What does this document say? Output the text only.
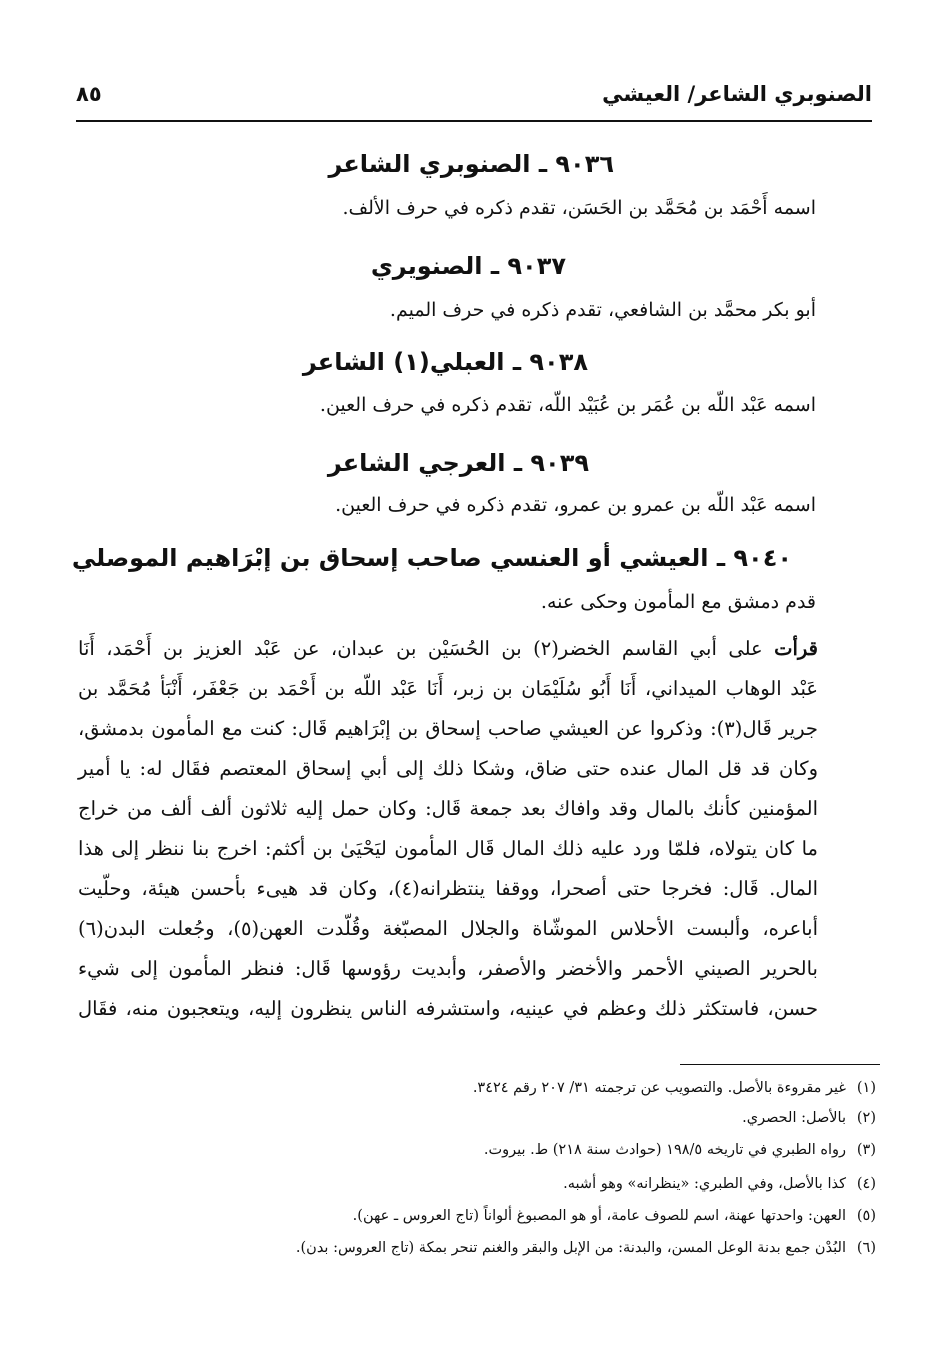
الصنوبري الشاعر/ العيشي
٨٥
٩٠٣٦ ـ الصنوبري الشاعر
اسمه أَحْمَد بن مُحَمَّد بن الحَسَن، تقدم ذكره في حرف الألف.
٩٠٣٧ ـ الصنويري
أبو بكر محمَّد بن الشافعي، تقدم ذكره في حرف الميم.
٩٠٣٨ ـ العبلي(١) الشاعر
اسمه عَبْد اللّه بن عُمَر بن عُبَيْد اللّه، تقدم ذكره في حرف العين.
٩٠٣٩ ـ العرجي الشاعر
اسمه عَبْد اللّه بن عمرو بن عمرو، تقدم ذكره في حرف العين.
٩٠٤٠ ـ العيشي أو العنسي صاحب إسحاق بن إبْرَاهيم الموصلي
قدم دمشق مع المأمون وحكى عنه.
قرأت على أبي القاسم الخضر(٢) بن الحُسَيْن بن عبدان، عن عَبْد العزيز بن أَحْمَد، أَنَا
عَبْد الوهاب الميداني، أَنَا أَبُو سُلَيْمَان بن زبر، أَنَا عَبْد اللّه بن أَحْمَد بن جَعْفَر، أَنْبَأ مُحَمَّد بن
جرير قَال(٣): وذكروا عن العيشي صاحب إسحاق بن إبْرَاهيم قَال: كنت مع المأمون بدمشق،
وكان قد قل المال عنده حتى ضاق، وشكا ذلك إلى أبي إسحاق المعتصم فقَال له: يا أمير
المؤمنين كأنك بالمال وقد وافاك بعد جمعة قَال: وكان حمل إليه ثلاثون ألف ألف من خراج
ما كان يتولاه، فلمّا ورد عليه ذلك المال قَال المأمون ليَحْيَىٰ بن أكثم: اخرج بنا ننظر إلى هذا
المال. قَال: فخرجا حتى أصحرا، ووقفا ينتظرانه(٤)، وكان قد هيىء بأحسن هيئة، وحلّيت
أباعره، وألبست الأحلاس الموشّاة والجلال المصبّغة وقُلّدت العهن(٥)، وجُعلت البدن(٦)
بالحرير الصيني الأحمر والأخضر والأصفر، وأبديت رؤوسها قَال: فنظر المأمون إلى شيء
حسن، فاستكثر ذلك وعظم في عينيه، واستشرفه الناس ينظرون إليه، ويتعجبون منه، فقَال
(١)غير مقروءة بالأصل. والتصويب عن ترجمته ٣١/ ٢٠٧ رقم ٣٤٢٤.
(٢)بالأصل: الحصري.
(٣)رواه الطبري في تاريخه ١٩٨/٥ (حوادث سنة ٢١٨) ط. بيروت.
(٤)كذا بالأصل، وفي الطبري: «ينظرانه» وهو أشبه.
(٥)العهن: واحدتها عهنة، اسم للصوف عامة، أو هو المصبوغ ألواناً (تاج العروس ـ عهن).
(٦)البُدْن جمع بدنة الوعل المسن، والبدنة: من الإبل والبقر والغنم تنحر بمكة (تاج العروس: بدن).
